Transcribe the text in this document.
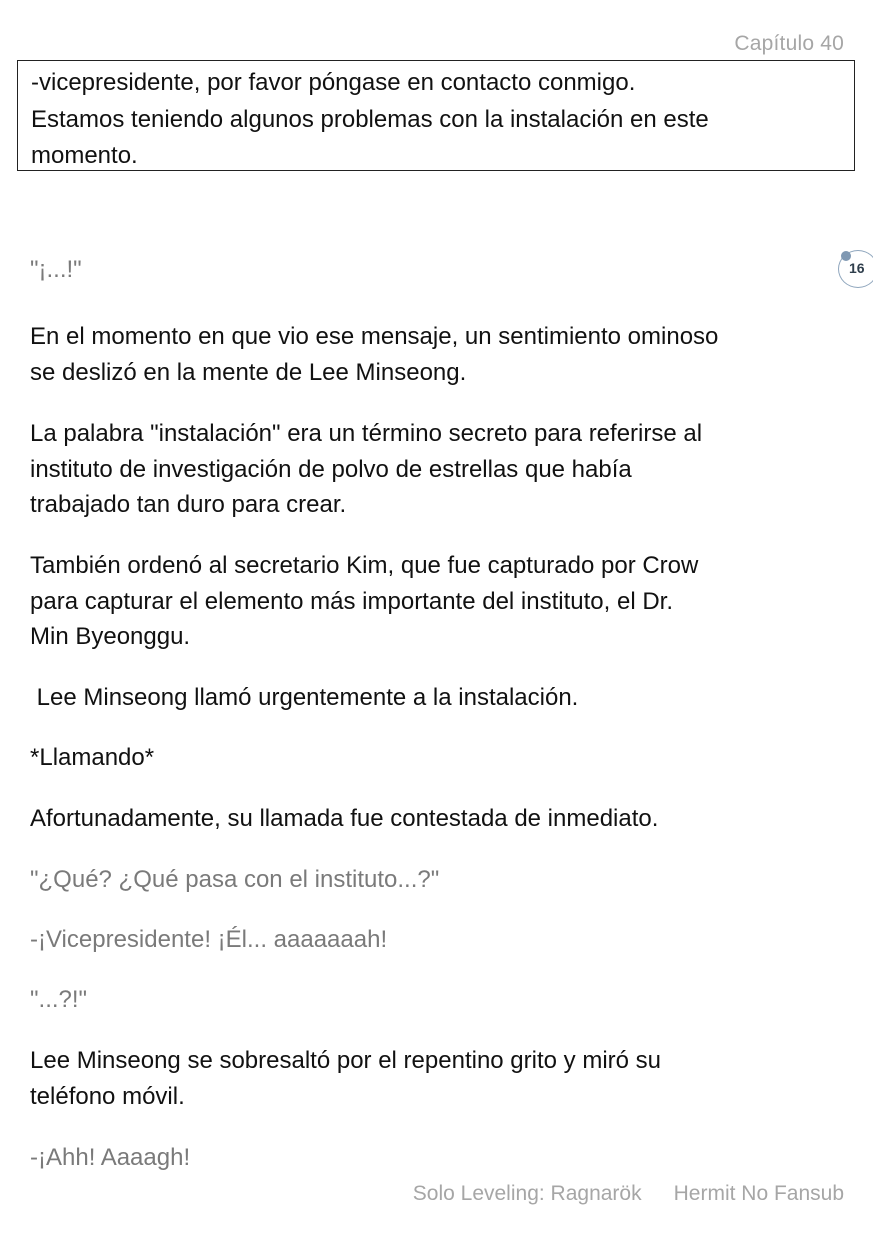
Capítulo 40
-vicepresidente, por favor póngase en contacto conmigo.
Estamos teniendo algunos problemas con la instalación en este
momento.
16
"¡...!"
En el momento en que vio ese mensaje, un sentimiento ominoso
se deslizó en la mente de Lee Minseong.
La palabra "instalación" era un término secreto para referirse al
instituto de investigación de polvo de estrellas que había
trabajado tan duro para crear.
También ordenó al secretario Kim, que fue capturado por Crow
para capturar el elemento más importante del instituto, el Dr.
Min Byeonggu.
Lee Minseong llamó urgentemente a la instalación.
*Llamando*
Afortunadamente, su llamada fue contestada de inmediato.
"¿Qué? ¿Qué pasa con el instituto...?"
-¡Vicepresidente! ¡Él... aaaaaaah!
"...?!"
Lee Minseong se sobresaltó por el repentino grito y miró su
teléfono móvil.
-¡Ahh! Aaaagh!
Solo Leveling: Ragnarök Hermit No Fansub
